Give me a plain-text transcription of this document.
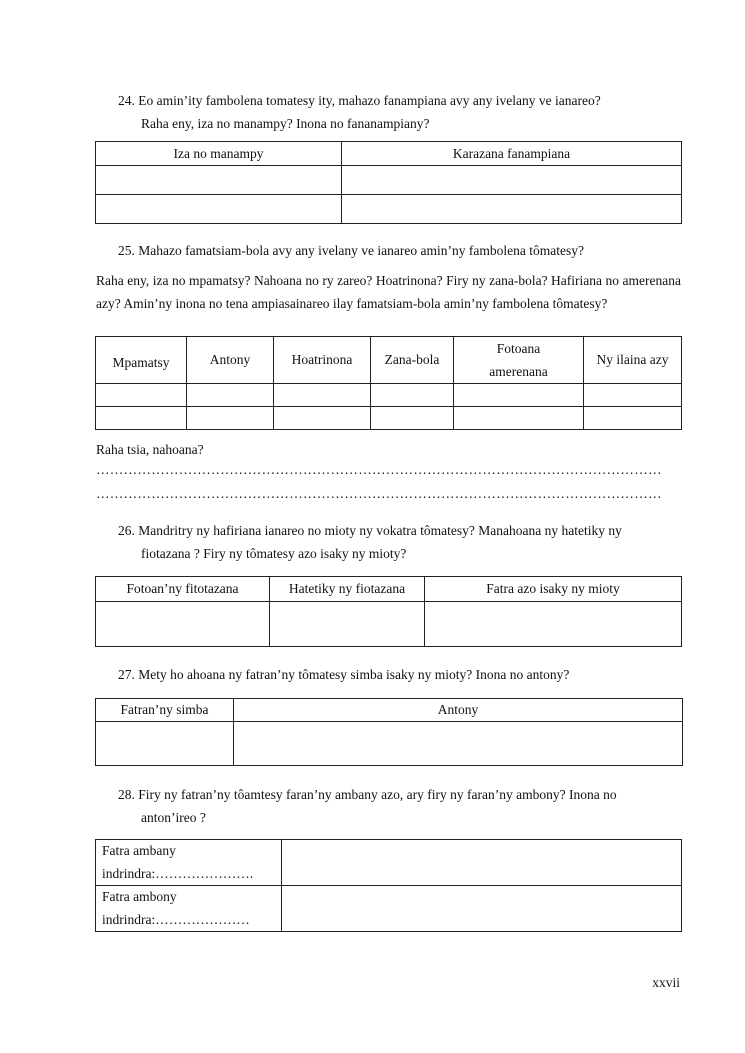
24. Eo amin’ity fambolena tomatesy ity, mahazo fanampiana avy any ivelany ve ianareo?
Raha eny, iza no manampy? Inona no fananampiany?
Iza no manampy	Karazana fanampiana

25. Mahazo famatsiam-bola avy any ivelany ve ianareo amin’ny fambolena tômatesy?
Raha eny, iza no mpamatsy? Nahoana no ry zareo? Hoatrinona? Firy ny zana-bola? Hafiriana no amerenana azy? Amin’ny inona no tena ampiasainareo ilay famatsiam-bola amin’ny fambolena tômatesy?
Mpamatsy	Antony	Hoatrinona	Zana-bola	Fotoana amerenana	Ny ilaina azy

Raha tsia, nahoana?
……………………………………………………………………………………………………………
……………………………………………………………………………………………………………
26. Mandritry ny hafiriana ianareo no mioty ny vokatra tômatesy? Manahoana ny hatetiky ny
fiotazana ? Firy ny tômatesy azo isaky ny mioty?
Fotoan’ny fitotazana	Hatetiky ny fiotazana	Fatra azo isaky ny mioty

27. Mety ho ahoana ny fatran’ny tômatesy simba isaky ny mioty? Inona no antony?
Fatran’ny simba	Antony

28. Firy ny fatran’ny tôamtesy faran’ny ambany azo, ary firy ny faran’ny ambony? Inona no
anton’ireo ?
Fatra ambany
indrindra:………………….	

Fatra ambony
indrindra:…………………	

xxvii
